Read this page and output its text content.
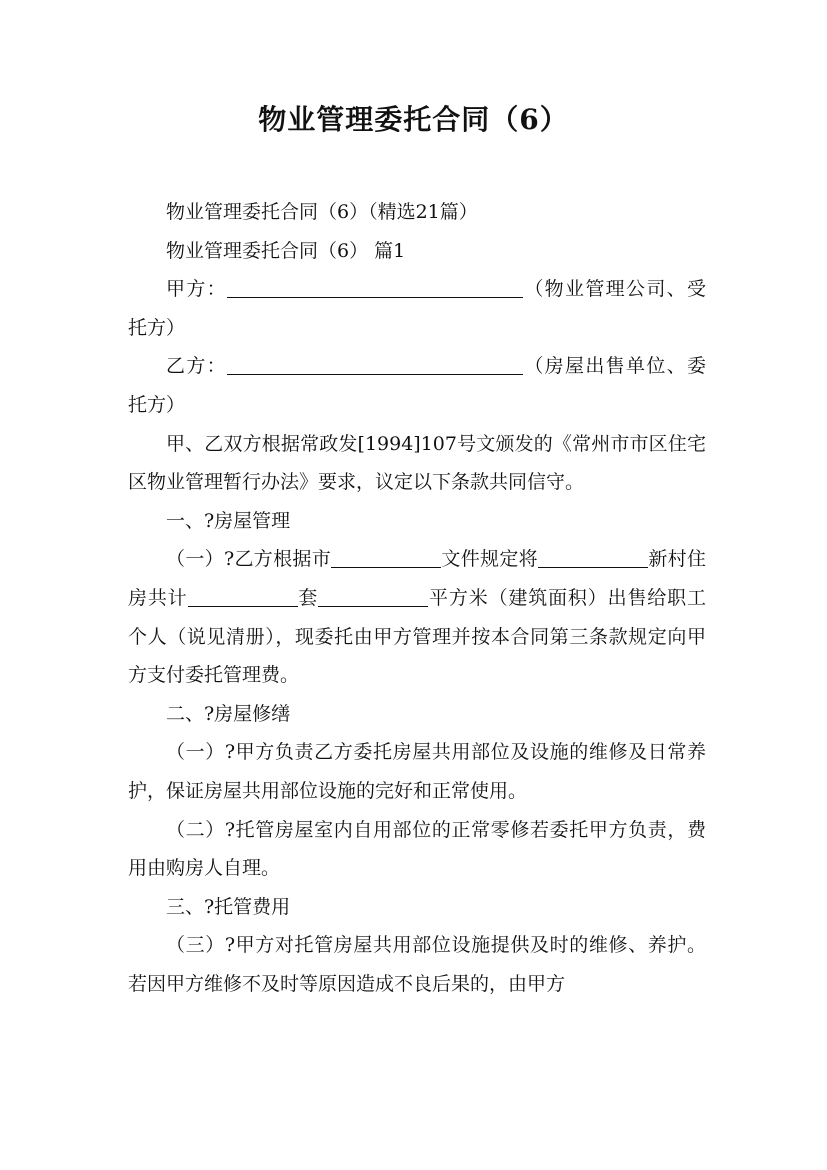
物业管理委托合同（6）

物业管理委托合同（6）（精选21篇）

物业管理委托合同（6） 篇1

甲方：	（物业管理公司、受托方）

乙方：	（房屋出售单位、委托方）

甲、乙双方根据常政发[1994]107号文颁发的《常州市市区住宅区物业管理暂行办法》要求，议定以下条款共同信守。

一、?房屋管理

（一）?乙方根据市	文件规定将	新村住房共计	套	平方米（建筑面积）出售给职工个人（说见清册），现委托由甲方管理并按本合同第三条款规定向甲方支付委托管理费。

二、?房屋修缮

（一）?甲方负责乙方委托房屋共用部位及设施的维修及日常养护，保证房屋共用部位设施的完好和正常使用。

（二）?托管房屋室内自用部位的正常零修若委托甲方负责，费用由购房人自理。

三、?托管费用

（三）?甲方对托管房屋共用部位设施提供及时的维修、养护。若因甲方维修不及时等原因造成不良后果的，由甲方
